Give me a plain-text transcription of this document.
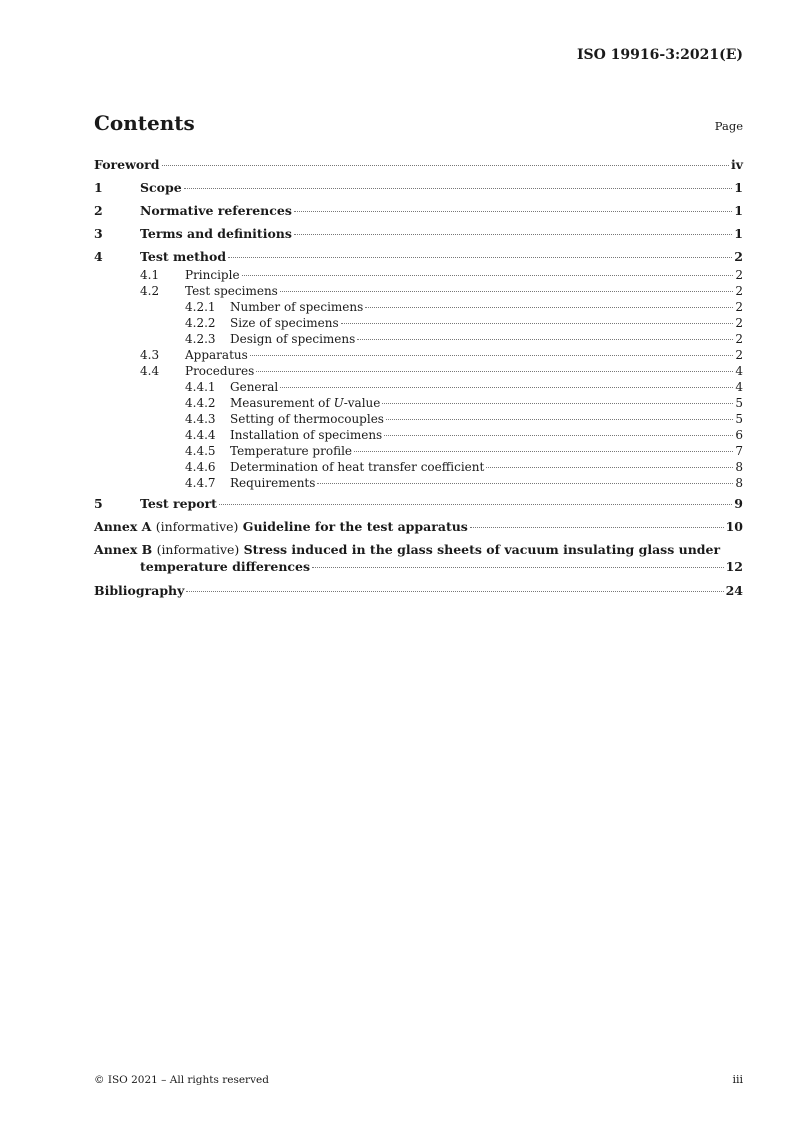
ISO 19916-3:2021(E)
Contents	Page
Foreword	iv
1	Scope	1
2	Normative references	1
3	Terms and definitions	1
4	Test method	2
4.1 Principle	2
4.2 Test specimens	2
4.2.1 Number of specimens	2
4.2.2 Size of specimens	2
4.2.3 Design of specimens	2
4.3 Apparatus	2
4.4 Procedures	4
4.4.1 General	4
4.4.2 Measurement of U-value	5
4.4.3 Setting of thermocouples	5
4.4.4 Installation of specimens	6
4.4.5 Temperature profile	7
4.4.6 Determination of heat transfer coefficient	8
4.4.7 Requirements	8
5	Test report	9
Annex A (informative) Guideline for the test apparatus	10
Annex B (informative) Stress induced in the glass sheets of vacuum insulating glass under
temperature differences	12
Bibliography	24
© ISO 2021 – All rights reserved	iii
